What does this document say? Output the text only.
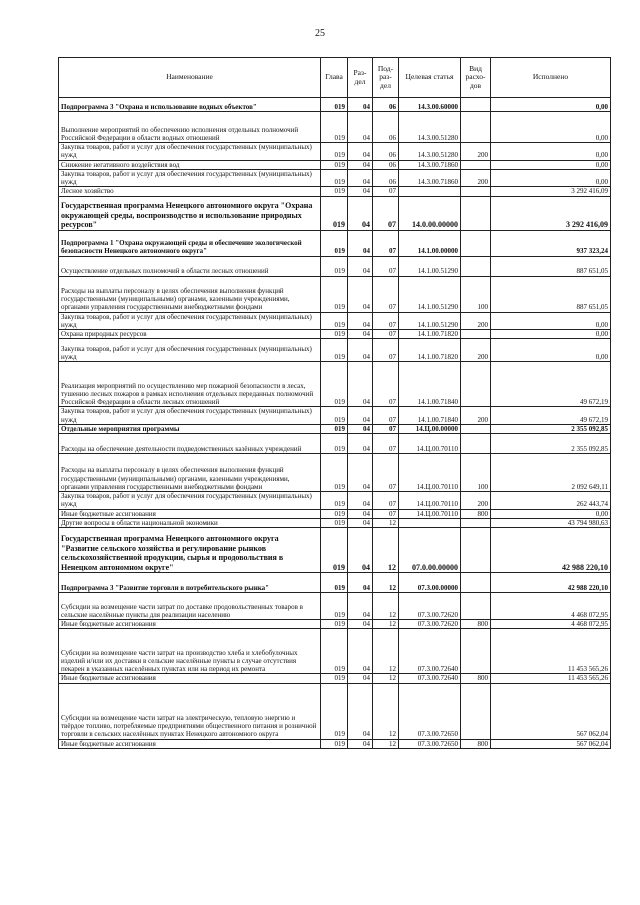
25
Наименование	Глава	Раз-дел	Под-раз-дел	Целевая статья	Вид расхо-дов	Исполнено
Подпрограмма 3 "Охрана и использование водных объектов"	019	04	06	14.3.00.60000		0,00
Выполнение мероприятий по обеспечению исполнения отдельных полномочий Российской Федерации в области водных отношений	019	04	06	14.3.00.51280		0,00
Закупка товаров, работ и услуг для обеспечения государственных (муниципальных) нужд	019	04	06	14.3.00.51280	200	0,00
Снижение негативного воздействия вод	019	04	06	14.3.00.71860		0,00
Закупка товаров, работ и услуг для обеспечения государственных (муниципальных) нужд	019	04	06	14.3.00.71860	200	0,00
Лесное хозяйство	019	04	07			3 292 416,09
Государственная программа Ненецкого автономного округа "Охрана окружающей среды, воспроизводство и использование природных ресурсов"	019	04	07	14.0.00.00000		3 292 416,09
Подпрограмма 1 "Охрана окружающей среды и обеспечение экологической безопасности Ненецкого автономного округа"	019	04	07	14.1.00.00000		937 323,24
Осуществление отдельных полномочий в области лесных отношений	019	04	07	14.1.00.51290		887 651,05
Расходы на выплаты персоналу в целях обеспечения выполнения функций государственными (муниципальными) органами, казенными учреждениями, органами управления государственными внебюджетными фондами	019	04	07	14.1.00.51290	100	887 651,05
Закупка товаров, работ и услуг для обеспечения государственных (муниципальных) нужд	019	04	07	14.1.00.51290	200	0,00
Охрана природных ресурсов	019	04	07	14.1.00.71820		0,00
Закупка товаров, работ и услуг для обеспечения государственных (муниципальных) нужд	019	04	07	14.1.00.71820	200	0,00
Реализация мероприятий по осуществлению мер пожарной безопасности в лесах, тушению лесных пожаров в рамках исполнения отдельных переданных полномочий Российской Федерации в области лесных отношений	019	04	07	14.1.00.71840		49 672,19
Закупка товаров, работ и услуг для обеспечения государственных (муниципальных) нужд	019	04	07	14.1.00.71840	200	49 672,19
Отдельные мероприятия программы	019	04	07	14.Ц.00.00000		2 355 092,85
Расходы на обеспечение деятельности подведомственных казённых учреждений	019	04	07	14.Ц.00.70110		2 355 092,85
Расходы на выплаты персоналу в целях обеспечения выполнения функций государственными (муниципальными) органами, казенными учреждениями, органами управления государственными внебюджетными фондами	019	04	07	14.Ц.00.70110	100	2 092 649,11
Закупка товаров, работ и услуг для обеспечения государственных (муниципальных) нужд	019	04	07	14.Ц.00.70110	200	262 443,74
Иные бюджетные ассигнования	019	04	07	14.Ц.00.70110	800	0,00
Другие вопросы в области национальной экономики	019	04	12			43 794 980,63
Государственная программа Ненецкого автономного округа "Развитие сельского хозяйства и регулирование рынков сельскохозяйственной продукции, сырья и продовольствия в Ненецком автономном округе"	019	04	12	07.0.00.00000		42 988 220,10
Подпрограмма 3 "Развитие торговли в потребительского рынка"	019	04	12	07.3.00.00000		42 988 220,10
Субсидии на возмещение части затрат по доставке продовольственных товаров в сельские населённые пункты для реализации населению	019	04	12	07.3.00.72620		4 468 072,95
Иные бюджетные ассигнования	019	04	12	07.3.00.72620	800	4 468 072,95
Субсидии на возмещение части затрат на производство хлеба и хлебобулочных изделий и/или их доставки в сельские населённые пункты в случае отсутствия пекарен в указанных населённых пунктах или на период их ремонта	019	04	12	07.3.00.72640		11 453 565,26
Иные бюджетные ассигнования	019	04	12	07.3.00.72640	800	11 453 565,26
Субсидии на возмещение части затрат на электрическую, тепловую энергию и твёрдое топливо, потребляемые предприятиями общественного питания и розничной торговли в сельских населённых пунктах Ненецкого автономного округа	019	04	12	07.3.00.72650		567 062,04
Иные бюджетные ассигнования	019	04	12	07.3.00.72650	800	567 062,04
